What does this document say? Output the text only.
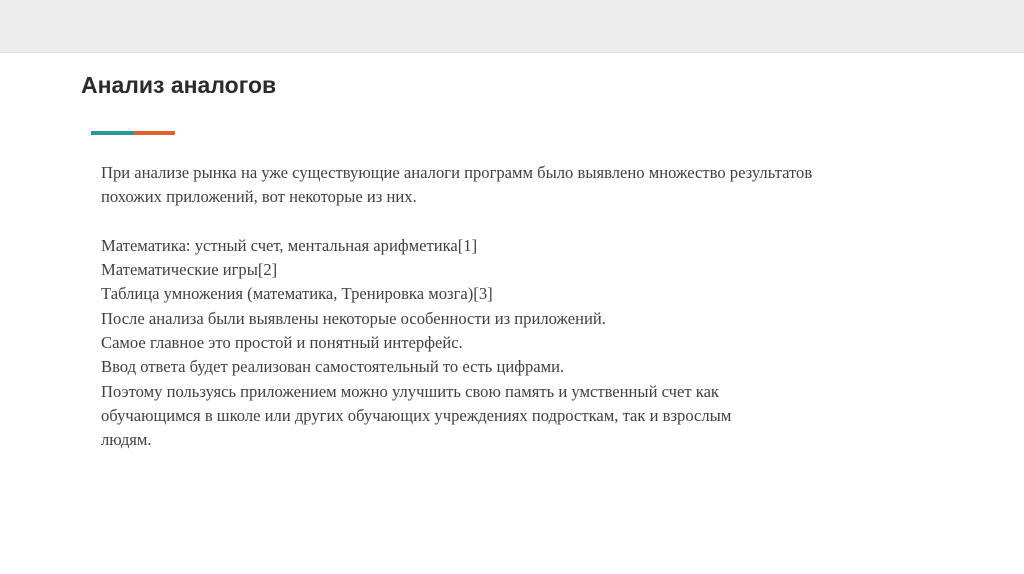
Анализ аналогов

При анализе рынка на уже существующие аналоги программ было выявлено множество результатов

похожих приложений, вот некоторые из них.

Математика: устный счет, ментальная арифметика[1]

Математические игры[2]

Таблица умножения (математика, Тренировка мозга)[3]

После анализа были выявлены некоторые особенности из приложений.

Самое главное это простой и понятный интерфейс.

Ввод ответа будет реализован самостоятельный то есть цифрами.

Поэтому пользуясь приложением можно улучшить свою память и умственный счет как

обучающимся в школе или других обучающих учреждениях подросткам, так и взрослым

людям.
